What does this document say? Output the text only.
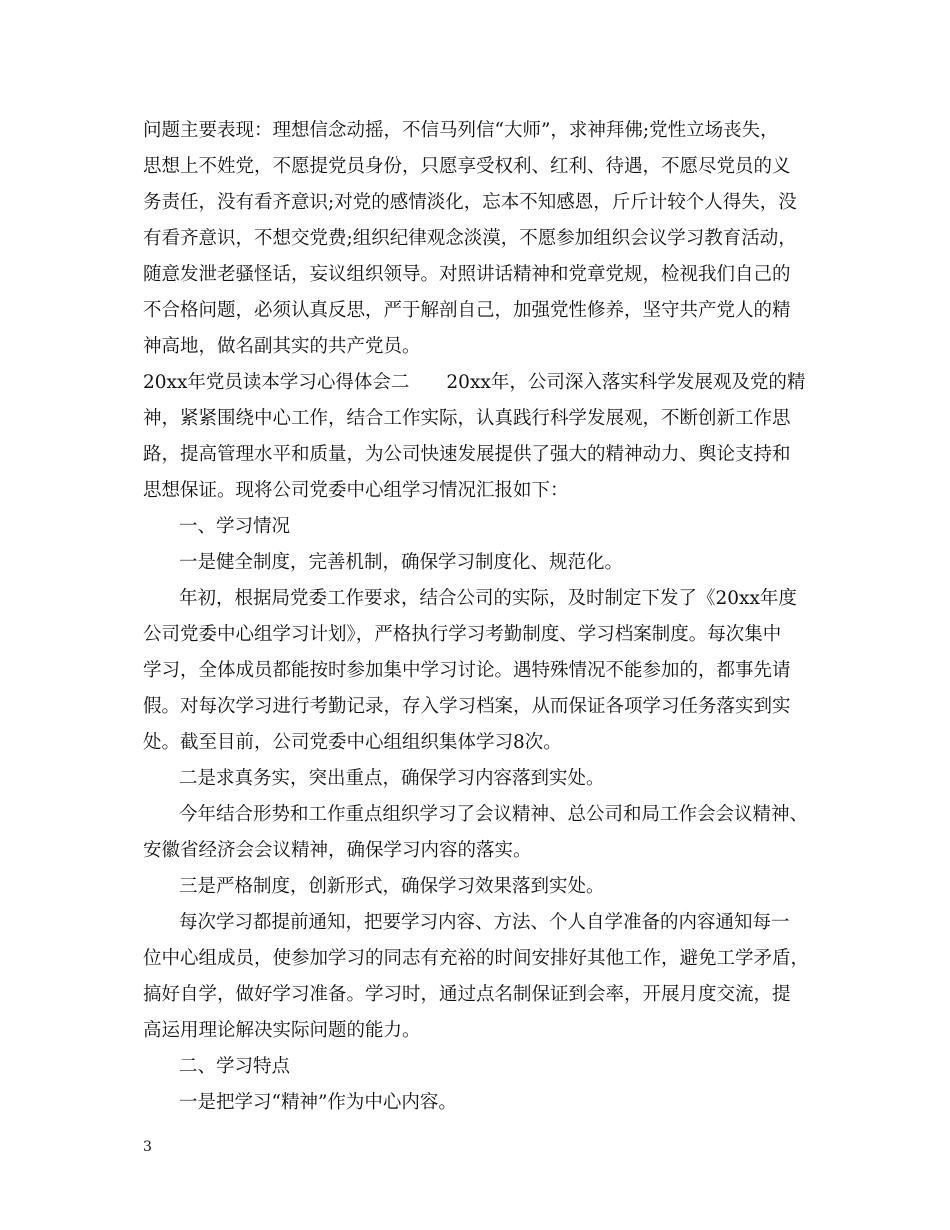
问题主要表现：理想信念动摇，不信马列信“大师”，求神拜佛;党性立场丧失，
思想上不姓党，不愿提党员身份，只愿享受权利、红利、待遇，不愿尽党员的义
务责任，没有看齐意识;对党的感情淡化，忘本不知感恩，斤斤计较个人得失，没
有看齐意识，不想交党费;组织纪律观念淡漠，不愿参加组织会议学习教育活动，
随意发泄老骚怪话，妄议组织领导。对照讲话精神和党章党规，检视我们自己的
不合格问题，必须认真反思，严于解剖自己，加强党性修养，坚守共产党人的精
神高地，做名副其实的共产党员。
20xx年党员读本学习心得体会二　　20xx年，公司深入落实科学发展观及党的精
神，紧紧围绕中心工作，结合工作实际，认真践行科学发展观，不断创新工作思
路，提高管理水平和质量，为公司快速发展提供了强大的精神动力、舆论支持和
思想保证。现将公司党委中心组学习情况汇报如下：
一、学习情况
一是健全制度，完善机制，确保学习制度化、规范化。
年初，根据局党委工作要求，结合公司的实际，及时制定下发了《20xx年度
公司党委中心组学习计划》，严格执行学习考勤制度、学习档案制度。每次集中
学习，全体成员都能按时参加集中学习讨论。遇特殊情况不能参加的，都事先请
假。对每次学习进行考勤记录，存入学习档案，从而保证各项学习任务落实到实
处。截至目前，公司党委中心组组织集体学习8次。
二是求真务实，突出重点，确保学习内容落到实处。
今年结合形势和工作重点组织学习了会议精神、总公司和局工作会会议精神、
安徽省经济会会议精神，确保学习内容的落实。
三是严格制度，创新形式，确保学习效果落到实处。
每次学习都提前通知，把要学习内容、方法、个人自学准备的内容通知每一
位中心组成员，使参加学习的同志有充裕的时间安排好其他工作，避免工学矛盾，
搞好自学，做好学习准备。学习时，通过点名制保证到会率，开展月度交流，提
高运用理论解决实际问题的能力。
二、学习特点
一是把学习“精神”作为中心内容。
3
